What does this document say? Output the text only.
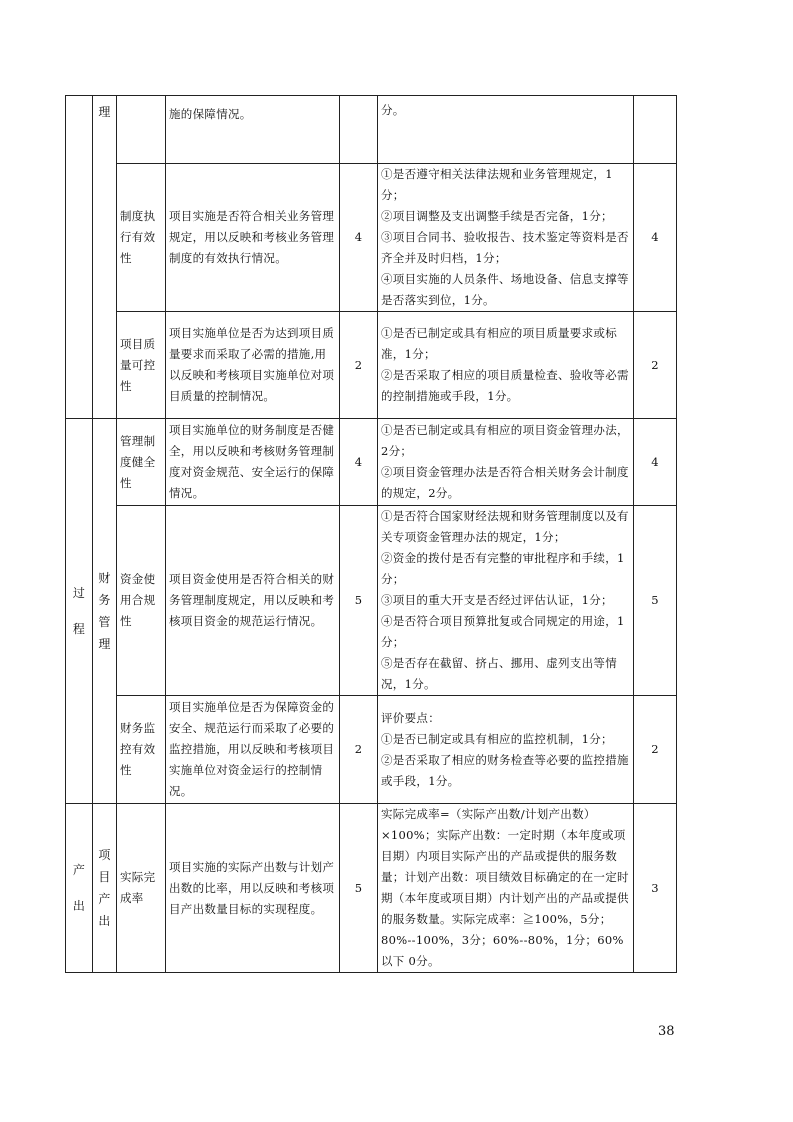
	理		施的保障情况。		分。	

		制度执行有效性	项目实施是否符合相关业务管理规定，用以反映和考核业务管理制度的有效执行情况。	4	①是否遵守相关法律法规和业务管理规定，1分；

②项目调整及支出调整手续是否完备，1分；

③项目合同书、验收报告、技术鉴定等资料是否齐全并及时归档，1分；

④项目实施的人员条件、场地设备、信息支撑等是否落实到位，1分。	4

		项目质量可控性	项目实施单位是否为达到项目质量要求而采取了必需的措施,用以反映和考核项目实施单位对项目质量的控制情况。	2	①是否已制定或具有相应的项目质量要求或标准，1分；

②是否采取了相应的项目质量检查、验收等必需的控制措施或手段，1分。	2

过程	财务管理	管理制度健全性	项目实施单位的财务制度是否健全，用以反映和考核财务管理制度对资金规范、安全运行的保障情况。	4	①是否已制定或具有相应的项目资金管理办法，2分；

②项目资金管理办法是否符合相关财务会计制度的规定，2分。	4

		资金使用合规性	项目资金使用是否符合相关的财务管理制度规定，用以反映和考核项目资金的规范运行情况。	5	①是否符合国家财经法规和财务管理制度以及有关专项资金管理办法的规定，1分；

②资金的拨付是否有完整的审批程序和手续，1分；

③项目的重大开支是否经过评估认证，1分；

④是否符合项目预算批复或合同规定的用途，1分；

⑤是否存在截留、挤占、挪用、虚列支出等情况，1分。	5

		财务监控有效性	项目实施单位是否为保障资金的安全、规范运行而采取了必要的监控措施，用以反映和考核项目实施单位对资金运行的控制情况。	2	评价要点：

①是否已制定或具有相应的监控机制，1分；

②是否采取了相应的财务检查等必要的监控措施或手段，1分。	2

产出	项目产出	实际完成率	项目实施的实际产出数与计划产出数的比率，用以反映和考核项目产出数量目标的实现程度。	5	实际完成率=（实际产出数/计划产出数）×100%；实际产出数：一定时期（本年度或项目期）内项目实际产出的产品或提供的服务数量；计划产出数：项目绩效目标确定的在一定时期（本年度或项目期）内计划产出的产品或提供的服务数量。实际完成率：≧100%，5分；80%--100%，3分；60%--80%，1分；60%以下 0分。	3
38
